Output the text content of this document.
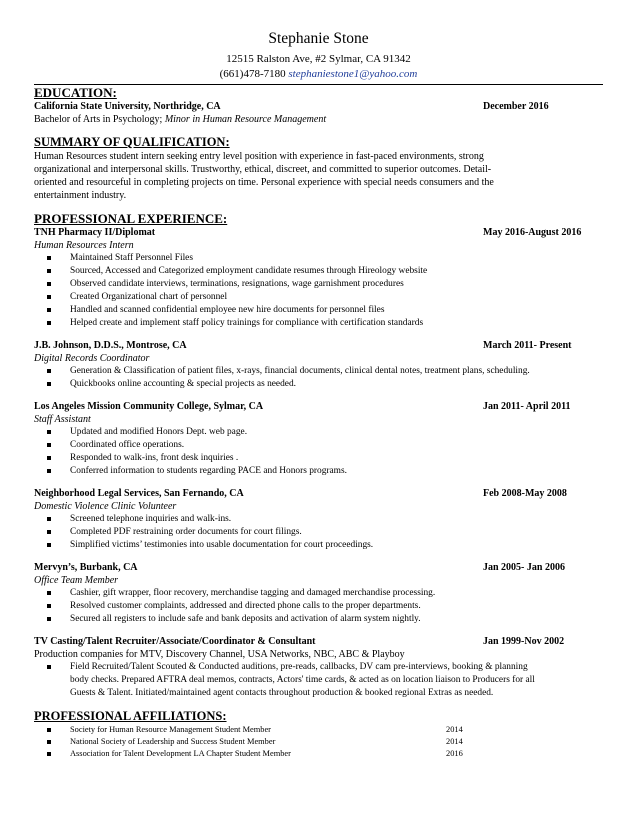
Stephanie Stone
12515 Ralston Ave, #2 Sylmar, CA 91342
(661)478-7180 stephaniestone1@yahoo.com
EDUCATION:
California State University, Northridge, CA	December 2016
Bachelor of Arts in Psychology; Minor in Human Resource Management
SUMMARY OF QUALIFICATION:
Human Resources student intern seeking entry level position with experience in fast-paced environments, strong
organizational and interpersonal skills. Trustworthy, ethical, discreet, and committed to superior outcomes. Detail-
oriented and resourceful in completing projects on time. Personal experience with special needs consumers and the
entertainment industry.
PROFESSIONAL EXPERIENCE:
TNH Pharmacy II/Diplomat	May 2016-August 2016
Human Resources Intern
Maintained Staff Personnel Files
Sourced, Accessed and Categorized employment candidate resumes through Hireology website
Observed candidate interviews, terminations, resignations, wage garnishment procedures
Created Organizational chart of personnel
Handled and scanned confidential employee new hire documents for personnel files
Helped create and implement staff policy trainings for compliance with certification standards
J.B. Johnson, D.D.S., Montrose, CA	March 2011- Present
Digital Records Coordinator
Generation & Classification of patient files, x-rays, financial documents, clinical dental notes, treatment plans, scheduling.
Quickbooks online accounting & special projects as needed.
Los Angeles Mission Community College, Sylmar, CA	Jan 2011- April 2011
Staff Assistant
Updated and modified Honors Dept. web page.
Coordinated office operations.
Responded to walk-ins, front desk inquiries .
Conferred information to students regarding PACE and Honors programs.
Neighborhood Legal Services, San Fernando, CA	Feb 2008-May 2008
Domestic Violence Clinic Volunteer
Screened telephone inquiries and walk-ins.
Completed PDF restraining order documents for court filings.
Simplified victims’ testimonies into usable documentation for court proceedings.
Mervyn’s, Burbank, CA	Jan 2005- Jan 2006
Office Team Member
Cashier, gift wrapper, floor recovery, merchandise tagging and damaged merchandise processing.
Resolved customer complaints, addressed and directed phone calls to the proper departments.
Secured all registers to include safe and bank deposits and activation of alarm system nightly.
TV Casting/Talent Recruiter/Associate/Coordinator & Consultant	Jan 1999-Nov 2002
Production companies for MTV, Discovery Channel, USA Networks, NBC, ABC & Playboy
Field Recruited/Talent Scouted & Conducted auditions, pre-reads, callbacks, DV cam pre-interviews, booking & planning
body checks. Prepared AFTRA deal memos, contracts, Actors' time cards, & acted as on location liaison to Producers for all
Guests & Talent. Initiated/maintained agent contacts throughout production & booked regional Extras as needed.
PROFESSIONAL AFFILIATIONS:
Society for Human Resource Management Student Member	2014
National Society of Leadership and Success Student Member	2014
Association for Talent Development LA Chapter Student Member	2016
